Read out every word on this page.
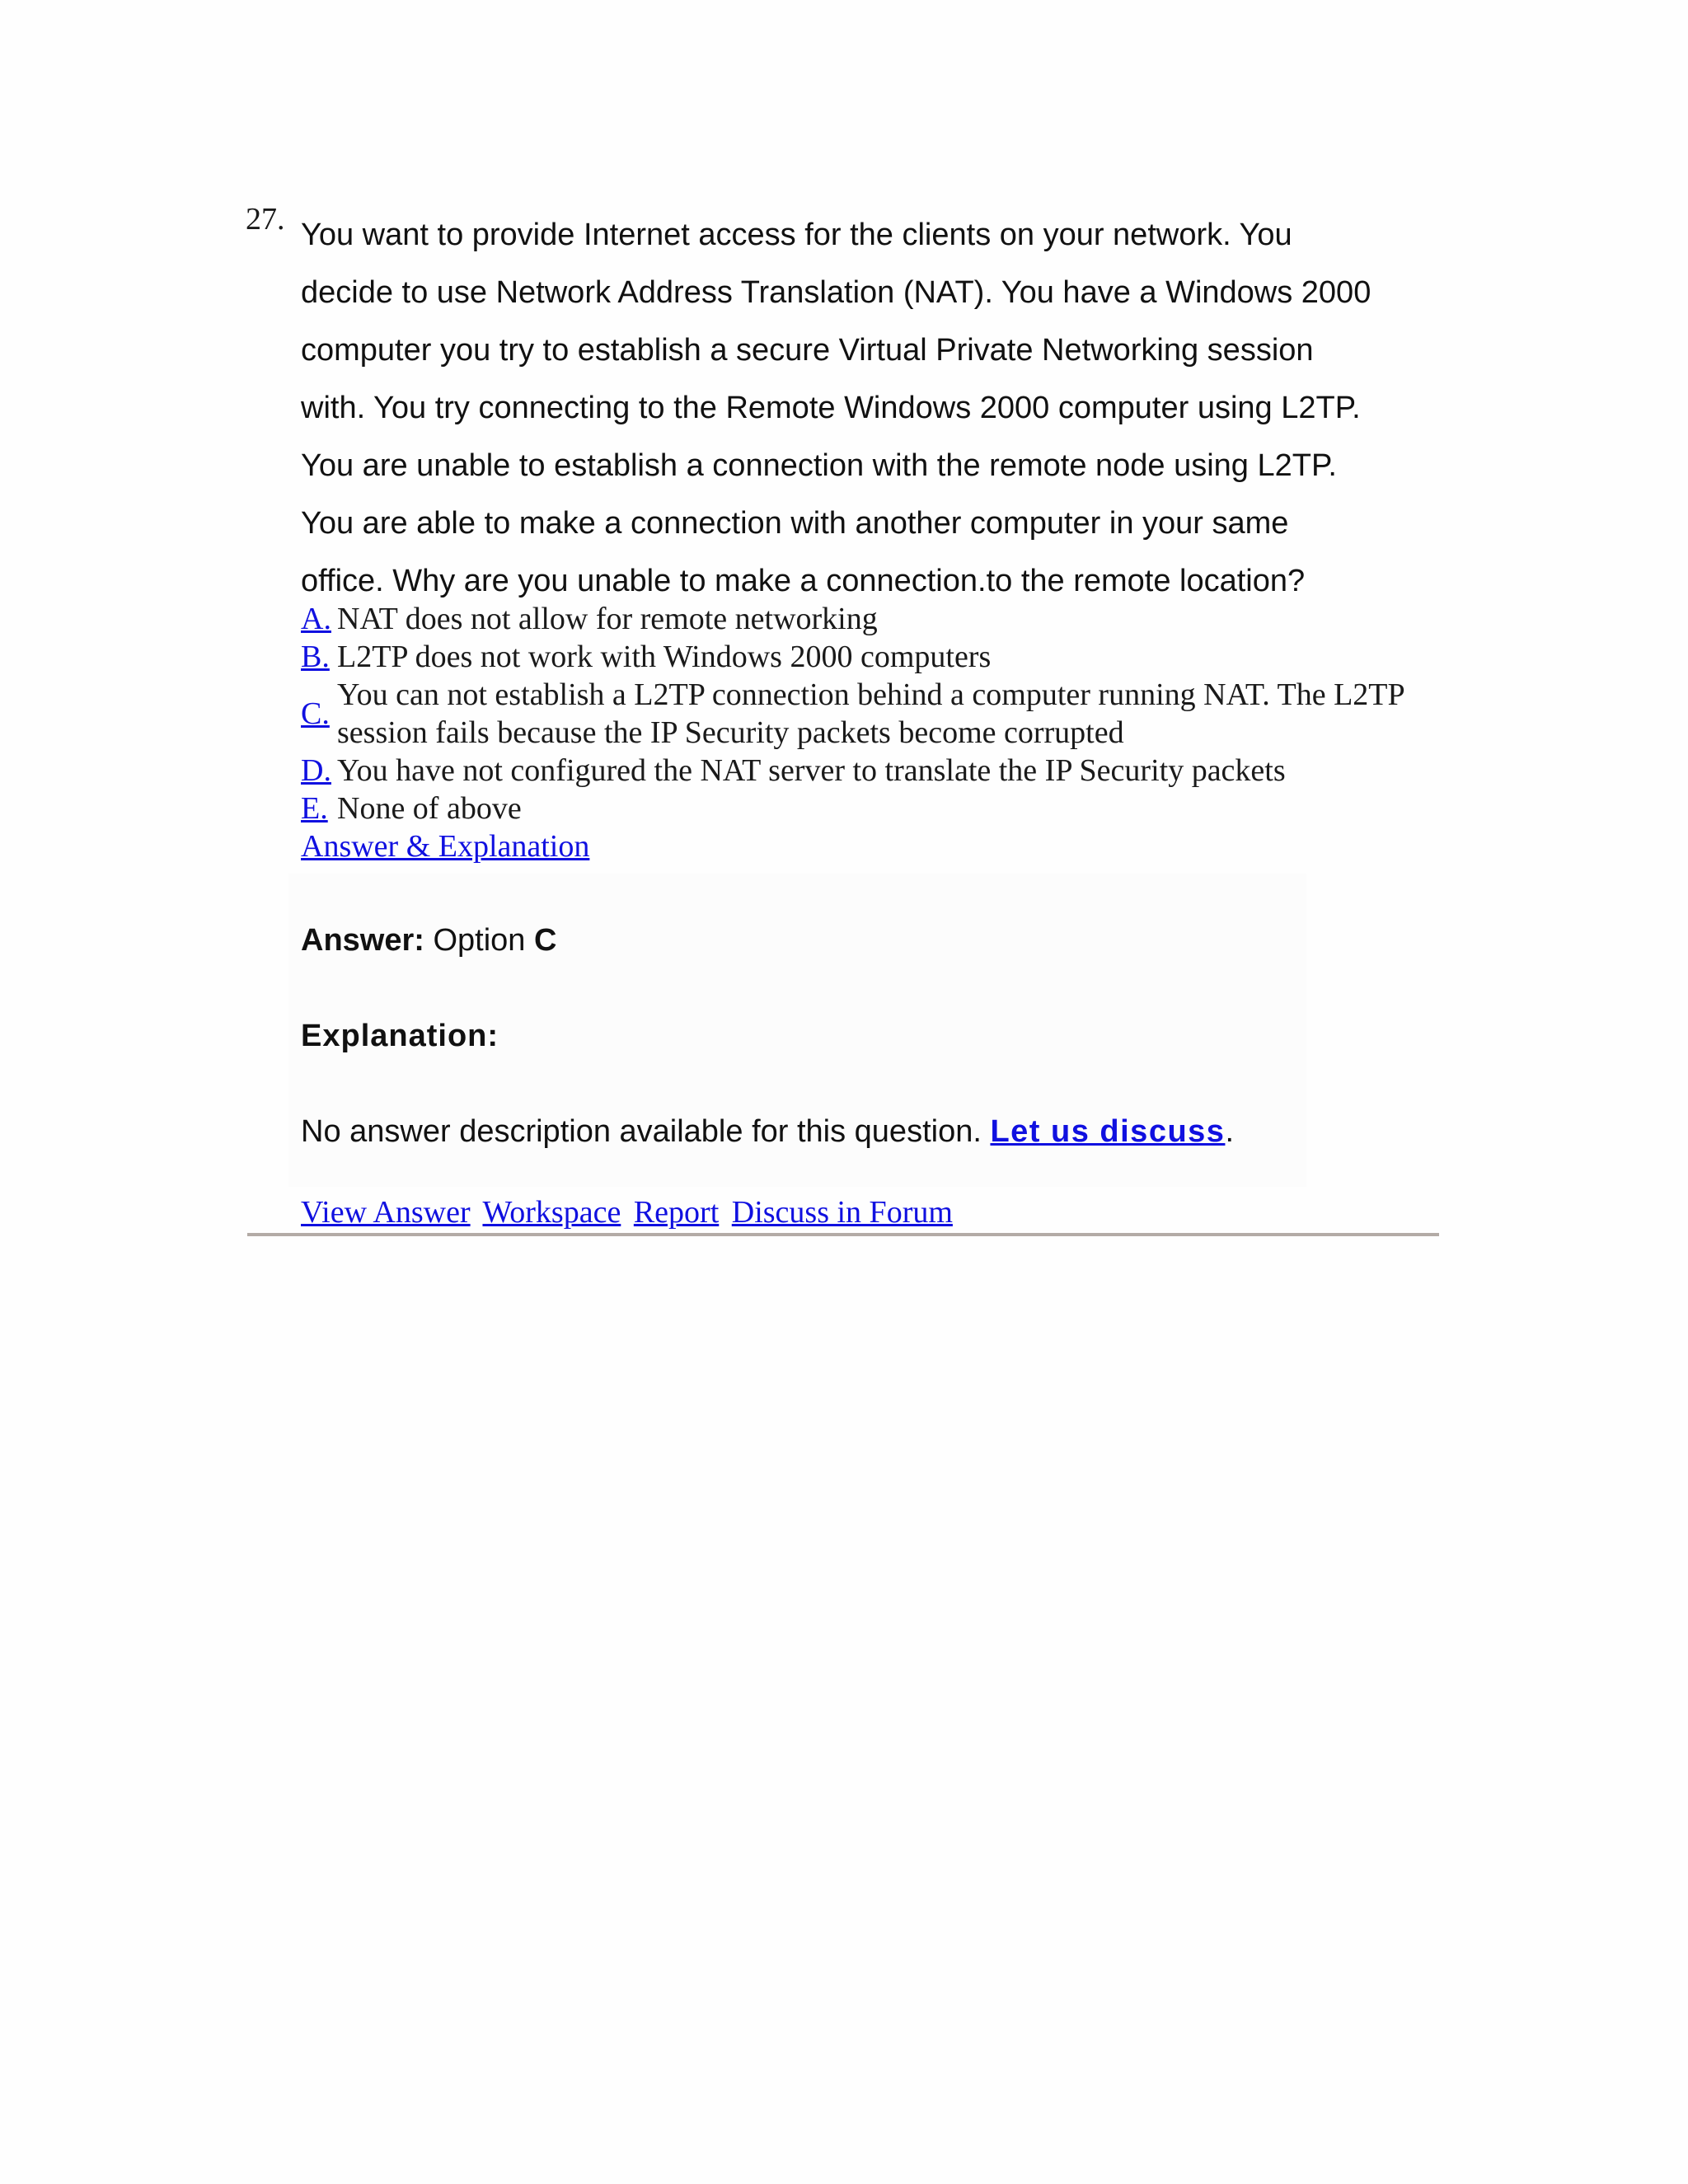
27. You want to provide Internet access for the clients on your network. You

decide to use Network Address Translation (NAT). You have a Windows 2000

computer you try to establish a secure Virtual Private Networking session

with. You try connecting to the Remote Windows 2000 computer using L2TP.

You are unable to establish a connection with the remote node using L2TP.

You are able to make a connection with another computer in your same

office. Why are you unable to make a connection.to the remote location?

A. NAT does not allow for remote networking
B. L2TP does not work with Windows 2000 computers
C.
You can not establish a L2TP connection behind a computer running NAT. The L2TP session fails because the IP Security packets become corrupted
D. You have not configured the NAT server to translate the IP Security packets
E. None of above
Answer & Explanation
Answer: Option C
Explanation:
No answer description available for this question. Let us discuss.
View Answer Workspace Report Discuss in Forum
